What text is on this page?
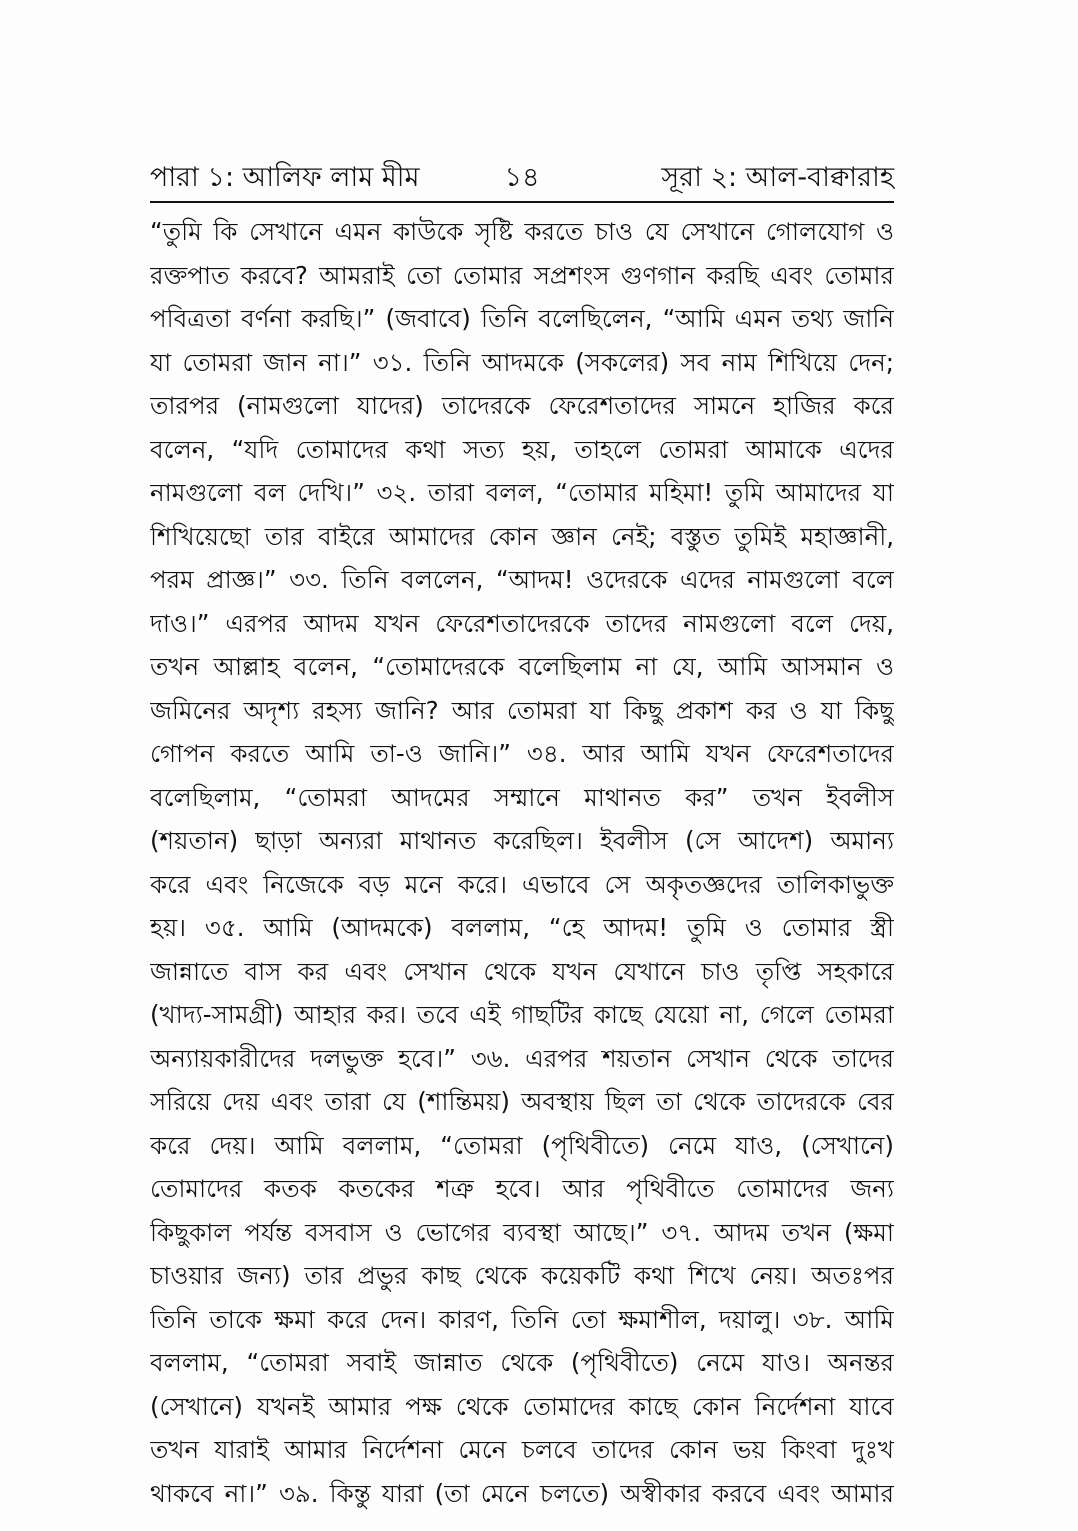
পারা ১: আলিফ লাম মীম	১৪	সূরা ২: আল-বাক্বারাহ
“তুমি কি সেখানে এমন কাউকে সৃষ্টি করতে চাও যে সেখানে গোলযোগ ও
রক্তপাত করবে? আমরাই তো তোমার সপ্রশংস গুণগান করছি এবং তোমার
পবিত্রতা বর্ণনা করছি।” (জবাবে) তিনি বলেছিলেন, “আমি এমন তথ্য জানি
যা তোমরা জান না।” ৩১. তিনি আদমকে (সকলের) সব নাম শিখিয়ে দেন;
তারপর (নামগুলো যাদের) তাদেরকে ফেরেশতাদের সামনে হাজির করে
বলেন, “যদি তোমাদের কথা সত্য হয়, তাহলে তোমরা আমাকে এদের
নামগুলো বল দেখি।” ৩২. তারা বলল, “তোমার মহিমা! তুমি আমাদের যা
শিখিয়েছো তার বাইরে আমাদের কোন জ্ঞান নেই; বস্তুত তুমিই মহাজ্ঞানী,
পরম প্রাজ্ঞ।” ৩৩. তিনি বললেন, “আদম! ওদেরকে এদের নামগুলো বলে
দাও।” এরপর আদম যখন ফেরেশতাদেরকে তাদের নামগুলো বলে দেয়,
তখন আল্লাহ বলেন, “তোমাদেরকে বলেছিলাম না যে, আমি আসমান ও
জমিনের অদৃশ্য রহস্য জানি? আর তোমরা যা কিছু প্রকাশ কর ও যা কিছু
গোপন করতে আমি তা-ও জানি।” ৩৪. আর আমি যখন ফেরেশতাদের
বলেছিলাম, “তোমরা আদমের সম্মানে মাথানত কর” তখন ইবলীস
(শয়তান) ছাড়া অন্যরা মাথানত করেছিল। ইবলীস (সে আদেশ) অমান্য
করে এবং নিজেকে বড় মনে করে। এভাবে সে অকৃতজ্ঞদের তালিকাভুক্ত
হয়। ৩৫. আমি (আদমকে) বললাম, “হে আদম! তুমি ও তোমার স্ত্রী
জান্নাতে বাস কর এবং সেখান থেকে যখন যেখানে চাও তৃপ্তি সহকারে
(খাদ্য-সামগ্রী) আহার কর। তবে এই গাছটির কাছে যেয়ো না, গেলে তোমরা
অন্যায়কারীদের দলভুক্ত হবে।” ৩৬. এরপর শয়তান সেখান থেকে তাদের
সরিয়ে দেয় এবং তারা যে (শান্তিময়) অবস্থায় ছিল তা থেকে তাদেরকে বের
করে দেয়। আমি বললাম, “তোমরা (পৃথিবীতে) নেমে যাও, (সেখানে)
তোমাদের কতক কতকের শত্রু হবে। আর পৃথিবীতে তোমাদের জন্য
কিছুকাল পর্যন্ত বসবাস ও ভোগের ব্যবস্থা আছে।” ৩৭. আদম তখন (ক্ষমা
চাওয়ার জন্য) তার প্রভুর কাছ থেকে কয়েকটি কথা শিখে নেয়। অতঃপর
তিনি তাকে ক্ষমা করে দেন। কারণ, তিনি তো ক্ষমাশীল, দয়ালু। ৩৮. আমি
বললাম, “তোমরা সবাই জান্নাত থেকে (পৃথিবীতে) নেমে যাও। অনন্তর
(সেখানে) যখনই আমার পক্ষ থেকে তোমাদের কাছে কোন নির্দেশনা যাবে
তখন যারাই আমার নির্দেশনা মেনে চলবে তাদের কোন ভয় কিংবা দুঃখ
থাকবে না।” ৩৯. কিন্তু যারা (তা মেনে চলতে) অস্বীকার করবে এবং আমার
